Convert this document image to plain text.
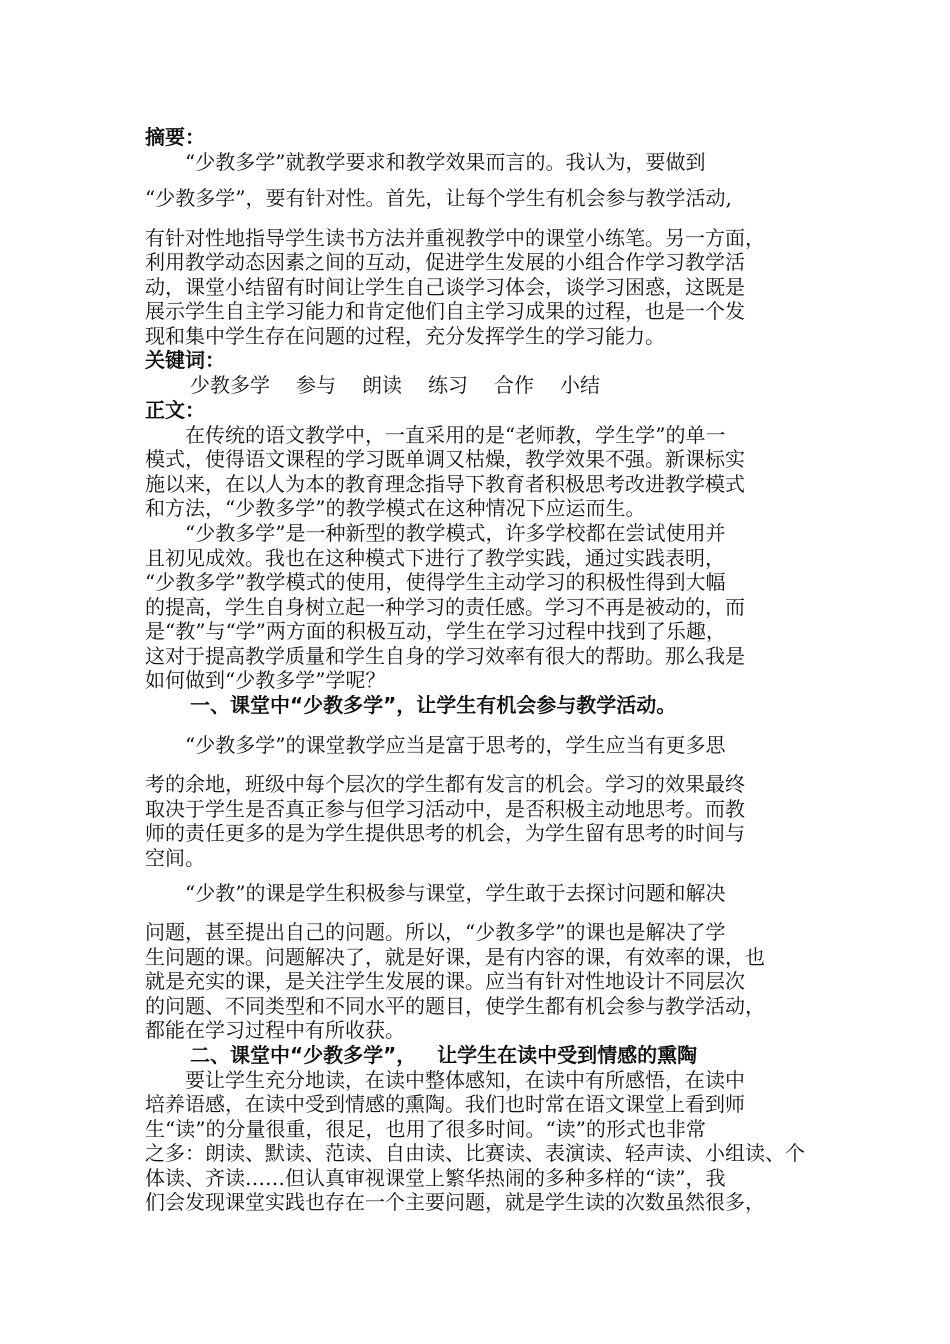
摘要：
“少教多学”就教学要求和教学效果而言的。我认为，要做到
“少教多学”，要有针对性。首先，让每个学生有机会参与教学活动,
有针对性地指导学生读书方法并重视教学中的课堂小练笔。另一方面，
利用教学动态因素之间的互动，促进学生发展的小组合作学习教学活
动，课堂小结留有时间让学生自己谈学习体会，谈学习困惑，这既是
展示学生自主学习能力和肯定他们自主学习成果的过程，也是一个发
现和集中学生存在问题的过程，充分发挥学生的学习能力。
关键词：
少教多学 参与 朗读 练习 合作 小结
正文：
在传统的语文教学中，一直采用的是“老师教，学生学”的单一
模式，使得语文课程的学习既单调又枯燥，教学效果不强。新课标实
施以来，在以人为本的教育理念指导下教育者积极思考改进教学模式
和方法，“少教多学”的教学模式在这种情况下应运而生。
“少教多学”是一种新型的教学模式，许多学校都在尝试使用并
且初见成效。我也在这种模式下进行了教学实践，通过实践表明，
“少教多学”教学模式的使用，使得学生主动学习的积极性得到大幅
的提高，学生自身树立起一种学习的责任感。学习不再是被动的，而
是“教”与“学”两方面的积极互动，学生在学习过程中找到了乐趣，
这对于提高教学质量和学生自身的学习效率有很大的帮助。那么我是
如何做到“少教多学”学呢？
一、课堂中“少教多学”，让学生有机会参与教学活动。
“少教多学”的课堂教学应当是富于思考的，学生应当有更多思
考的余地，班级中每个层次的学生都有发言的机会。学习的效果最终
取决于学生是否真正参与但学习活动中，是否积极主动地思考。而教
师的责任更多的是为学生提供思考的机会，为学生留有思考的时间与
空间。
“少教”的课是学生积极参与课堂，学生敢于去探讨问题和解决
问题，甚至提出自己的问题。所以，“少教多学”的课也是解决了学
生问题的课。问题解决了，就是好课，是有内容的课，有效率的课，也
就是充实的课，是关注学生发展的课。应当有针对性地设计不同层次
的问题、不同类型和不同水平的题目，使学生都有机会参与教学活动，
都能在学习过程中有所收获。
二、课堂中“少教多学”，   让学生在读中受到情感的熏陶
要让学生充分地读，在读中整体感知，在读中有所感悟，在读中
培养语感，在读中受到情感的熏陶。我们也时常在语文课堂上看到师
生“读”的分量很重，很足，也用了很多时间。“读”的形式也非常
之多：朗读、默读、范读、自由读、比赛读、表演读、轻声读、小组读、个
体读、齐读……但认真审视课堂上繁华热闹的多种多样的“读”，我
们会发现课堂实践也存在一个主要问题，就是学生读的次数虽然很多，
